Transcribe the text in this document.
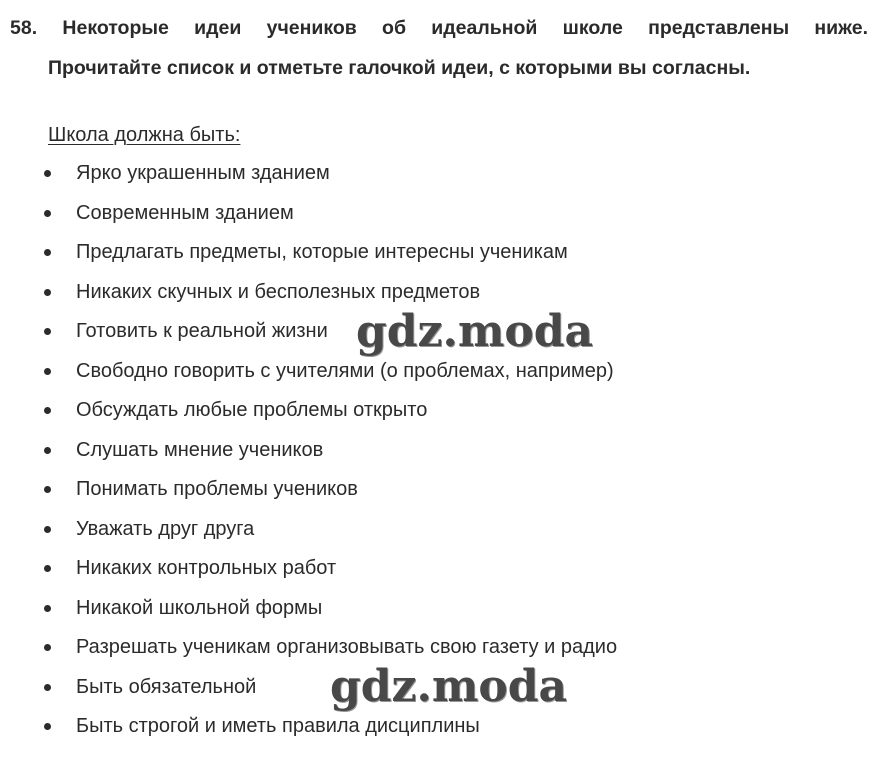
58. Некоторые идеи учеников об идеальной школе представлены ниже.
Прочитайте список и отметьте галочкой идеи, с которыми вы согласны.
Школа должна быть:
Ярко украшенным зданием
Современным зданием
Предлагать предметы, которые интересны ученикам
Никаких скучных и бесполезных предметов
Готовить к реальной жизни
Свободно говорить с учителями (о проблемах, например)
Обсуждать любые проблемы открыто
Слушать мнение учеников
Понимать проблемы учеников
Уважать друг друга
Никаких контрольных работ
Никакой школьной формы
Разрешать ученикам организовывать свою газету и радио
Быть обязательной
Быть строгой и иметь правила дисциплины
gdz.moda
gdz.moda
